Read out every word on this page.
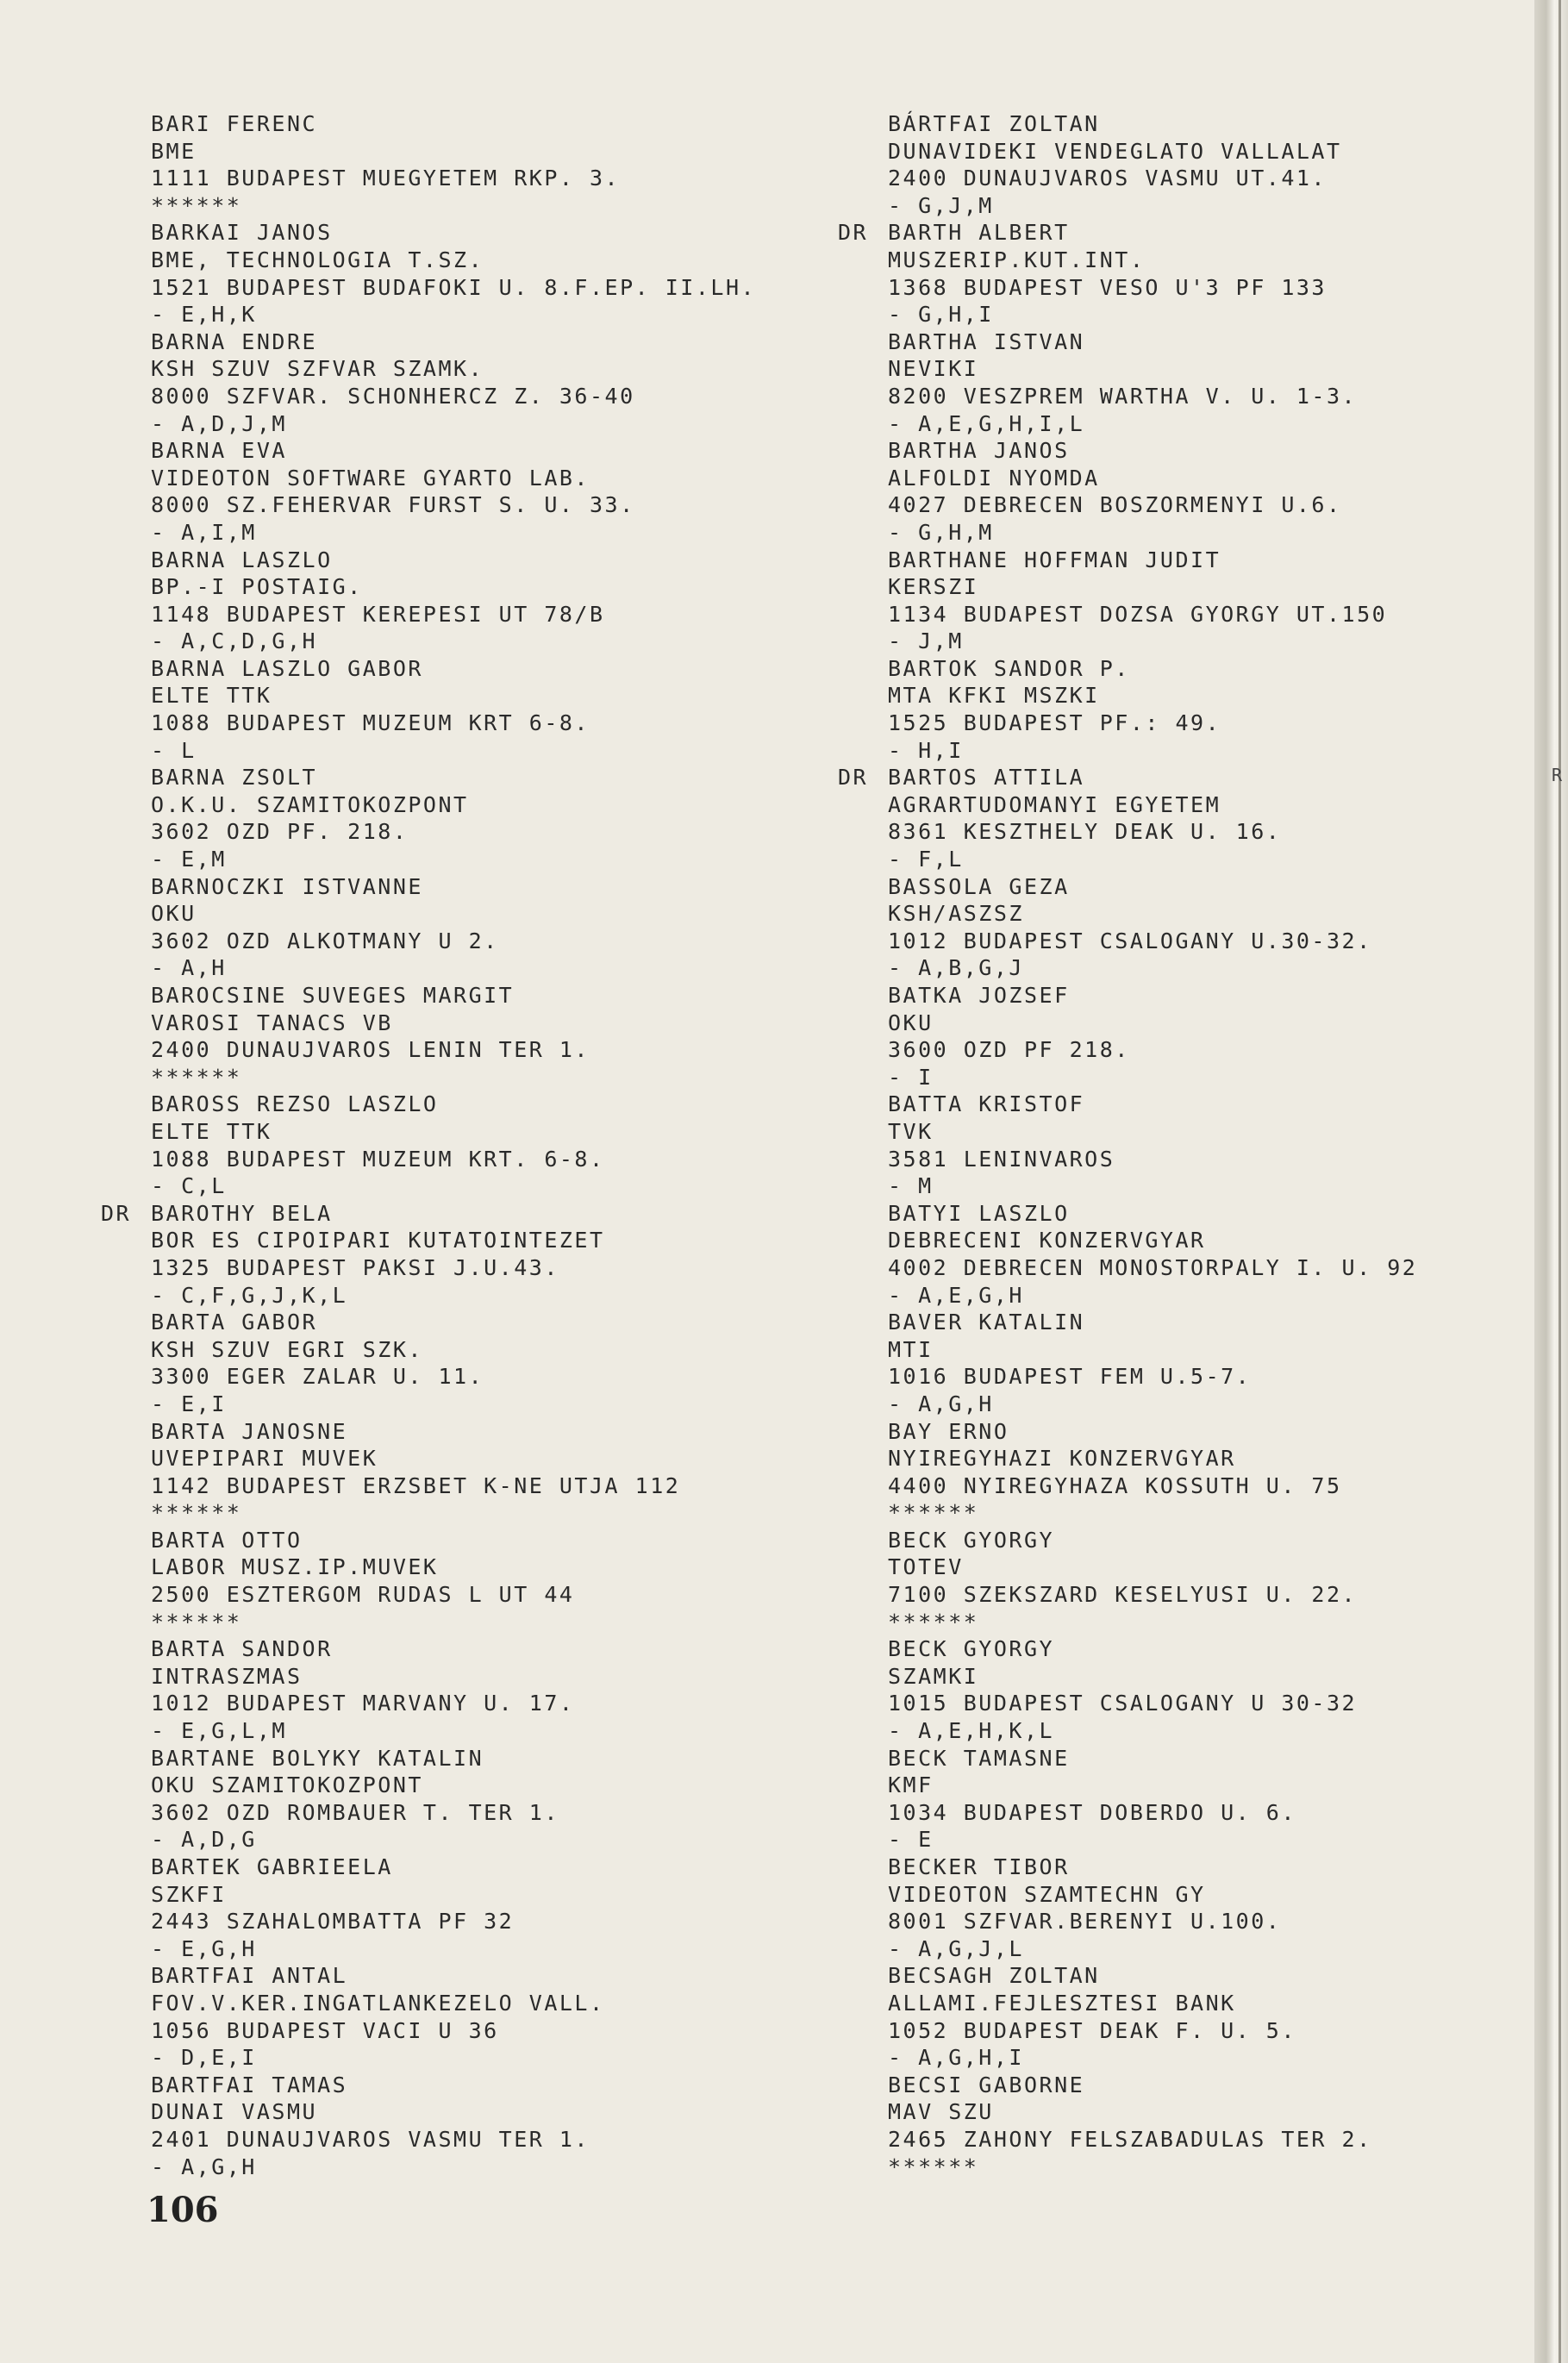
BARI FERENC
BME
1111 BUDAPEST MUEGYETEM RKP. 3.
******
BARKAI JANOS
BME, TECHNOLOGIA T.SZ.
1521 BUDAPEST BUDAFOKI U. 8.F.EP. II.LH.
- E,H,K
BARNA ENDRE
KSH SZUV SZFVAR SZAMK.
8000 SZFVAR. SCHONHERCZ Z. 36-40
- A,D,J,M
BARNA EVA
VIDEOTON SOFTWARE GYARTO LAB.
8000 SZ.FEHERVAR FURST S. U. 33.
- A,I,M
BARNA LASZLO
BP.-I POSTAIG.
1148 BUDAPEST KEREPESI UT 78/B
- A,C,D,G,H
BARNA LASZLO GABOR
ELTE TTK
1088 BUDAPEST MUZEUM KRT 6-8.
- L
BARNA ZSOLT
O.K.U. SZAMITOKOZPONT
3602 OZD PF. 218.
- E,M
BARNOCZKI ISTVANNE
OKU
3602 OZD ALKOTMANY U 2.
- A,H
BAROCSINE SUVEGES MARGIT
VAROSI TANACS VB
2400 DUNAUJVAROS LENIN TER 1.
******
BAROSS REZSO LASZLO
ELTE TTK
1088 BUDAPEST MUZEUM KRT. 6-8.
- C,L
DR BAROTHY BELA
BOR ES CIPOIPARI KUTATOINTEZET
1325 BUDAPEST PAKSI J.U.43.
- C,F,G,J,K,L
BARTA GABOR
KSH SZUV EGRI SZK.
3300 EGER ZALAR U. 11.
- E,I
BARTA JANOSNE
UVEPIPARI MUVEK
1142 BUDAPEST ERZSBET K-NE UTJA 112
******
BARTA OTTO
LABOR MUSZ.IP.MUVEK
2500 ESZTERGOM RUDAS L UT 44
******
BARTA SANDOR
INTRASZMAS
1012 BUDAPEST MARVANY U. 17.
- E,G,L,M
BARTANE BOLYKY KATALIN
OKU SZAMITOKOZPONT
3602 OZD ROMBAUER T. TER 1.
- A,D,G
BARTEK GABRIEELA
SZKFI
2443 SZAHALOMBATTA PF 32
- E,G,H
BARTFAI ANTAL
FOV.V.KER.INGATLANKEZELO VALL.
1056 BUDAPEST VACI U 36
- D,E,I
BARTFAI TAMAS
DUNAI VASMU
2401 DUNAUJVAROS VASMU TER 1.
- A,G,H
BÁRTFAI ZOLTAN
DUNAVIDEKI VENDEGLATO VALLALAT
2400 DUNAUJVAROS VASMU UT.41.
- G,J,M
DR BARTH ALBERT
MUSZERIP.KUT.INT.
1368 BUDAPEST VESO U'3 PF 133
- G,H,I
BARTHA ISTVAN
NEVIKI
8200 VESZPREM WARTHA V. U. 1-3.
- A,E,G,H,I,L
BARTHA JANOS
ALFOLDI NYOMDA
4027 DEBRECEN BOSZORMENYI U.6.
- G,H,M
BARTHANE HOFFMAN JUDIT
KERSZI
1134 BUDAPEST DOZSA GYORGY UT.150
- J,M
BARTOK SANDOR P.
MTA KFKI MSZKI
1525 BUDAPEST PF.: 49.
- H,I
DR BARTOS ATTILA
AGRARTUDOMANYI EGYETEM
8361 KESZTHELY DEAK U. 16.
- F,L
BASSOLA GEZA
KSH/ASZSZ
1012 BUDAPEST CSALOGANY U.30-32.
- A,B,G,J
BATKA JOZSEF
OKU
3600 OZD PF 218.
- I
BATTA KRISTOF
TVK
3581 LENINVAROS
- M
BATYI LASZLO
DEBRECENI KONZERVGYAR
4002 DEBRECEN MONOSTORPALY I. U. 92
- A,E,G,H
BAVER KATALIN
MTI
1016 BUDAPEST FEM U.5-7.
- A,G,H
BAY ERNO
NYIREGYHAZI KONZERVGYAR
4400 NYIREGYHAZA KOSSUTH U. 75
******
BECK GYORGY
TOTEV
7100 SZEKSZARD KESELYUSI U. 22.
******
BECK GYORGY
SZAMKI
1015 BUDAPEST CSALOGANY U 30-32
- A,E,H,K,L
BECK TAMASNE
KMF
1034 BUDAPEST DOBERDO U. 6.
- E
BECKER TIBOR
VIDEOTON SZAMTECHN GY
8001 SZFVAR.BERENYI U.100.
- A,G,J,L
BECSAGH ZOLTAN
ALLAMI.FEJLESZTESI BANK
1052 BUDAPEST DEAK F. U. 5.
- A,G,H,I
BECSI GABORNE
MAV SZU
2465 ZAHONY FELSZABADULAS TER 2.
******
R
106
